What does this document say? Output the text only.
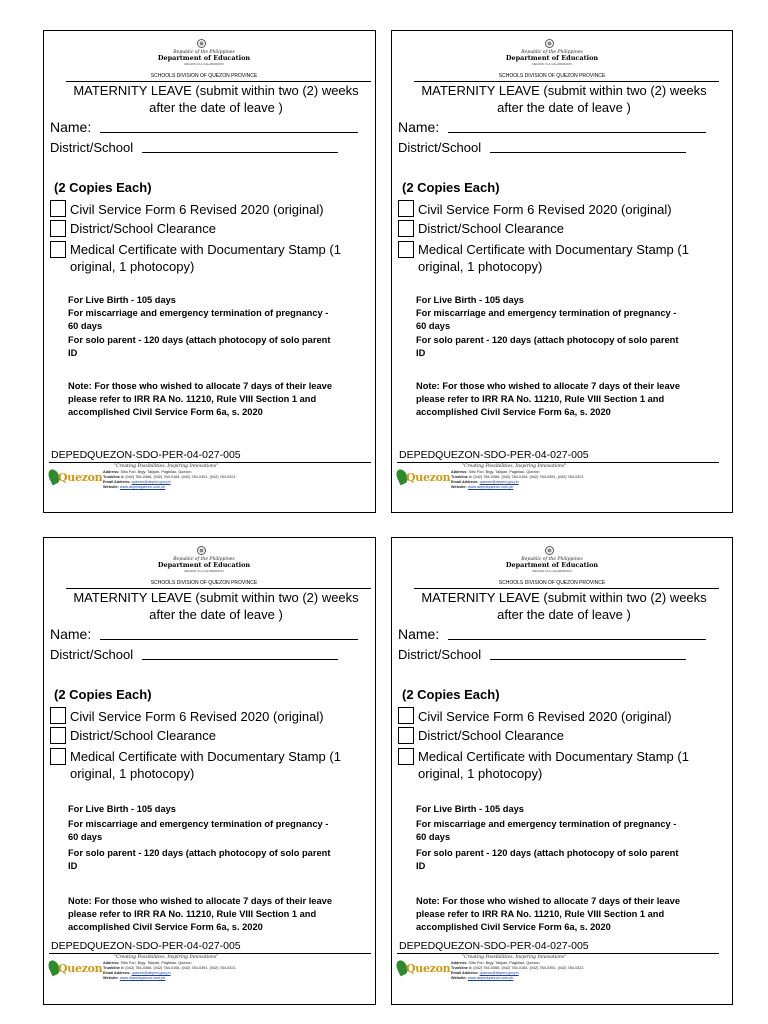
Republic of the Philippines
Department of Education
REGION IV-A CALABARZON
SCHOOLS DIVISION OF QUEZON PROVINCE
MATERNITY LEAVE (submit within two (2) weeks
after the date of leave )
Name:
District/School
(2 Copies Each)
Civil Service Form 6 Revised 2020 (original)
District/School Clearance
Medical Certificate with Documentary Stamp (1
original, 1 photocopy)
For Live Birth - 105 days
For miscarriage and emergency termination of pregnancy -
60 days
For solo parent - 120 days (attach photocopy of solo parent
ID
Note: For those who wished to allocate 7 days of their leave
please refer to IRR RA No. 11210, Rule VIII Section 1 and
accomplished Civil Service Form 6a, s. 2020
DEPEDQUEZON-SDO-PER-04-027-005
Quezon
"Creating Possibilities, Inspiring Innovations"
Address: Sitio Fori, Brgy. Talipan, Pagbilao, Quezon
Trunkline #: (042) 784-0366, (042) 784-0164, (042) 784-0391, (042) 784-0321
Email Address: quezon@deped.gov.ph
Website: www.depedquezon.com.ph
Republic of the Philippines
Department of Education
REGION IV-A CALABARZON
SCHOOLS DIVISION OF QUEZON PROVINCE
MATERNITY LEAVE (submit within two (2) weeks
after the date of leave )
Name:
District/School
(2 Copies Each)
Civil Service Form 6 Revised 2020 (original)
District/School Clearance
Medical Certificate with Documentary Stamp (1
original, 1 photocopy)
For Live Birth - 105 days
For miscarriage and emergency termination of pregnancy -
60 days
For solo parent - 120 days (attach photocopy of solo parent
ID
Note: For those who wished to allocate 7 days of their leave
please refer to IRR RA No. 11210, Rule VIII Section 1 and
accomplished Civil Service Form 6a, s. 2020
DEPEDQUEZON-SDO-PER-04-027-005
Quezon
"Creating Possibilities, Inspiring Innovations"
Address: Sitio Fori, Brgy. Talipan, Pagbilao, Quezon
Trunkline #: (042) 784-0366, (042) 784-0164, (042) 784-0391, (042) 784-0321
Email Address: quezon@deped.gov.ph
Website: www.depedquezon.com.ph
Republic of the Philippines
Department of Education
REGION IV-A CALABARZON
SCHOOLS DIVISION OF QUEZON PROVINCE
MATERNITY LEAVE (submit within two (2) weeks
after the date of leave )
Name:
District/School
(2 Copies Each)
Civil Service Form 6 Revised 2020 (original)
District/School Clearance
Medical Certificate with Documentary Stamp (1
original, 1 photocopy)
For Live Birth - 105 days
For miscarriage and emergency termination of pregnancy -
60 days
For solo parent - 120 days (attach photocopy of solo parent
ID
Note: For those who wished to allocate 7 days of their leave
please refer to IRR RA No. 11210, Rule VIII Section 1 and
accomplished Civil Service Form 6a, s. 2020
DEPEDQUEZON-SDO-PER-04-027-005
Quezon
"Creating Possibilities, Inspiring Innovations"
Address: Sitio Fori, Brgy. Talipan, Pagbilao, Quezon
Trunkline #: (042) 784-0366, (042) 784-0164, (042) 784-0391, (042) 784-0321
Email Address: quezon@deped.gov.ph
Website: www.depedquezon.com.ph
Republic of the Philippines
Department of Education
REGION IV-A CALABARZON
SCHOOLS DIVISION OF QUEZON PROVINCE
MATERNITY LEAVE (submit within two (2) weeks
after the date of leave )
Name:
District/School
(2 Copies Each)
Civil Service Form 6 Revised 2020 (original)
District/School Clearance
Medical Certificate with Documentary Stamp (1
original, 1 photocopy)
For Live Birth - 105 days
For miscarriage and emergency termination of pregnancy -
60 days
For solo parent - 120 days (attach photocopy of solo parent
ID
Note: For those who wished to allocate 7 days of their leave
please refer to IRR RA No. 11210, Rule VIII Section 1 and
accomplished Civil Service Form 6a, s. 2020
DEPEDQUEZON-SDO-PER-04-027-005
Quezon
"Creating Possibilities, Inspiring Innovations"
Address: Sitio Fori, Brgy. Talipan, Pagbilao, Quezon
Trunkline #: (042) 784-0366, (042) 784-0164, (042) 784-0391, (042) 784-0321
Email Address: quezon@deped.gov.ph
Website: www.depedquezon.com.ph
